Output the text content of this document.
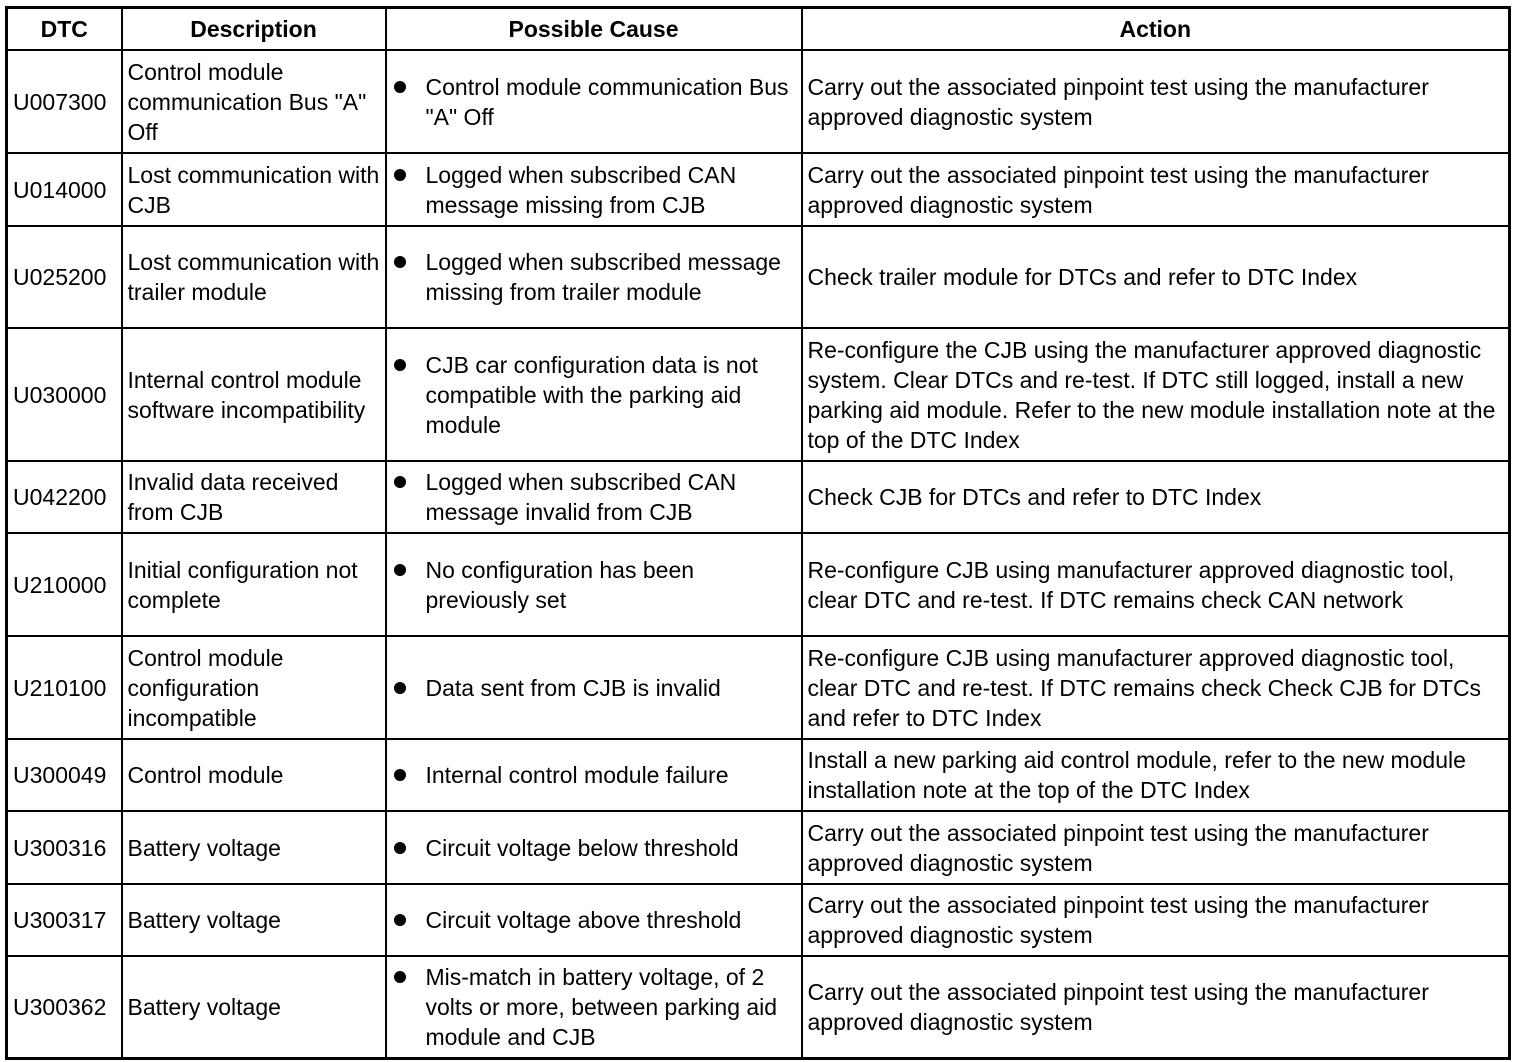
DTC	Description	Possible Cause	Action
U007300	Control module communication Bus "A" Off	Control module communication Bus "A" Off	Carry out the associated pinpoint test using the manufacturer approved diagnostic system
U014000	Lost communication with CJB	Logged when subscribed CAN message missing from CJB	Carry out the associated pinpoint test using the manufacturer approved diagnostic system
U025200	Lost communication with trailer module	Logged when subscribed message missing from trailer module	Check trailer module for DTCs and refer to DTC Index
U030000	Internal control module software incompatibility	CJB car configuration data is not compatible with the parking aid module	Re-configure the CJB using the manufacturer approved diagnostic system. Clear DTCs and re-test. If DTC still logged, install a new parking aid module. Refer to the new module installation note at the top of the DTC Index
U042200	Invalid data received from CJB	Logged when subscribed CAN message invalid from CJB	Check CJB for DTCs and refer to DTC Index
U210000	Initial configuration not complete	No configuration has been previously set	Re-configure CJB using manufacturer approved diagnostic tool, clear DTC and re-test. If DTC remains check CAN network
U210100	Control module configuration incompatible	Data sent from CJB is invalid	Re-configure CJB using manufacturer approved diagnostic tool, clear DTC and re-test. If DTC remains check Check CJB for DTCs and refer to DTC Index
U300049	Control module	Internal control module failure	Install a new parking aid control module, refer to the new module installation note at the top of the DTC Index
U300316	Battery voltage	Circuit voltage below threshold	Carry out the associated pinpoint test using the manufacturer approved diagnostic system
U300317	Battery voltage	Circuit voltage above threshold	Carry out the associated pinpoint test using the manufacturer approved diagnostic system
U300362	Battery voltage	Mis-match in battery voltage, of 2 volts or more, between parking aid module and CJB	Carry out the associated pinpoint test using the manufacturer approved diagnostic system
